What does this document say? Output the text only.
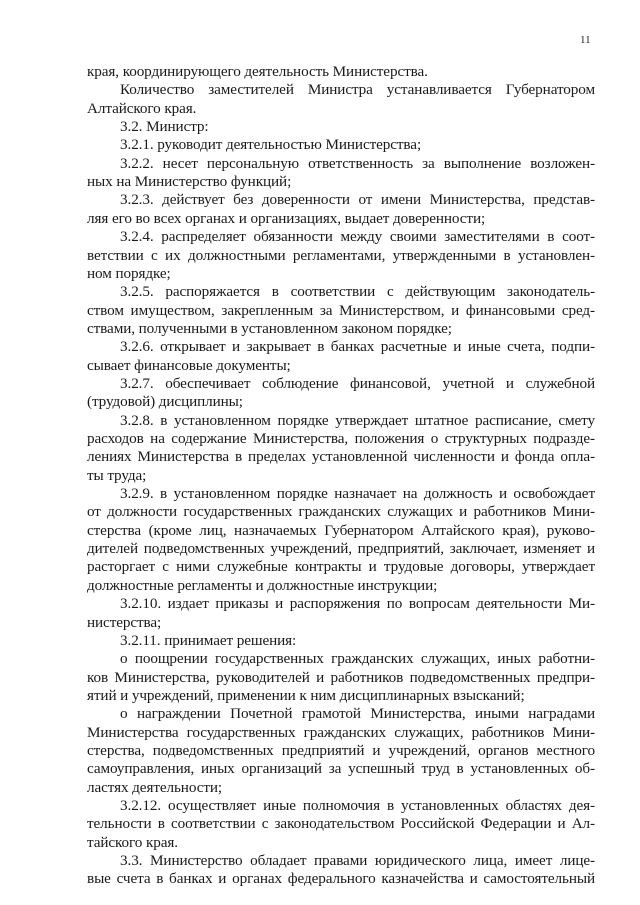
11
края, координирующего деятельность Министерства.
Количество заместителей Министра устанавливается Губернатором
Алтайского края.
3.2. Министр:
3.2.1. руководит деятельностью Министерства;
3.2.2. несет персональную ответственность за выполнение возложен-
ных на Министерство функций;
3.2.3. действует без доверенности от имени Министерства, представ-
ляя его во всех органах и организациях, выдает доверенности;
3.2.4. распределяет обязанности между своими заместителями в соот-
ветствии с их должностными регламентами, утвержденными в установлен-
ном порядке;
3.2.5. распоряжается в соответствии с действующим законодатель-
ством имуществом, закрепленным за Министерством, и финансовыми сред-
ствами, полученными в установленном законом порядке;
3.2.6. открывает и закрывает в банках расчетные и иные счета, подпи-
сывает финансовые документы;
3.2.7. обеспечивает соблюдение финансовой, учетной и служебной
(трудовой) дисциплины;
3.2.8. в установленном порядке утверждает штатное расписание, смету
расходов на содержание Министерства, положения о структурных подразде-
лениях Министерства в пределах установленной численности и фонда опла-
ты труда;
3.2.9. в установленном порядке назначает на должность и освобождает
от должности государственных гражданских служащих и работников Мини-
стерства (кроме лиц, назначаемых Губернатором Алтайского края), руково-
дителей подведомственных учреждений, предприятий, заключает, изменяет и
расторгает с ними служебные контракты и трудовые договоры, утверждает
должностные регламенты и должностные инструкции;
3.2.10. издает приказы и распоряжения по вопросам деятельности Ми-
нистерства;
3.2.11. принимает решения:
о поощрении государственных гражданских служащих, иных работни-
ков Министерства, руководителей и работников подведомственных предпри-
ятий и учреждений, применении к ним дисциплинарных взысканий;
о награждении Почетной грамотой Министерства, иными наградами
Министерства государственных гражданских служащих, работников Мини-
стерства, подведомственных предприятий и учреждений, органов местного
самоуправления, иных организаций за успешный труд в установленных об-
ластях деятельности;
3.2.12. осуществляет иные полномочия в установленных областях дея-
тельности в соответствии с законодательством Российской Федерации и Ал-
тайского края.
3.3. Министерство обладает правами юридического лица, имеет лице-
вые счета в банках и органах федерального казначейства и самостоятельный
